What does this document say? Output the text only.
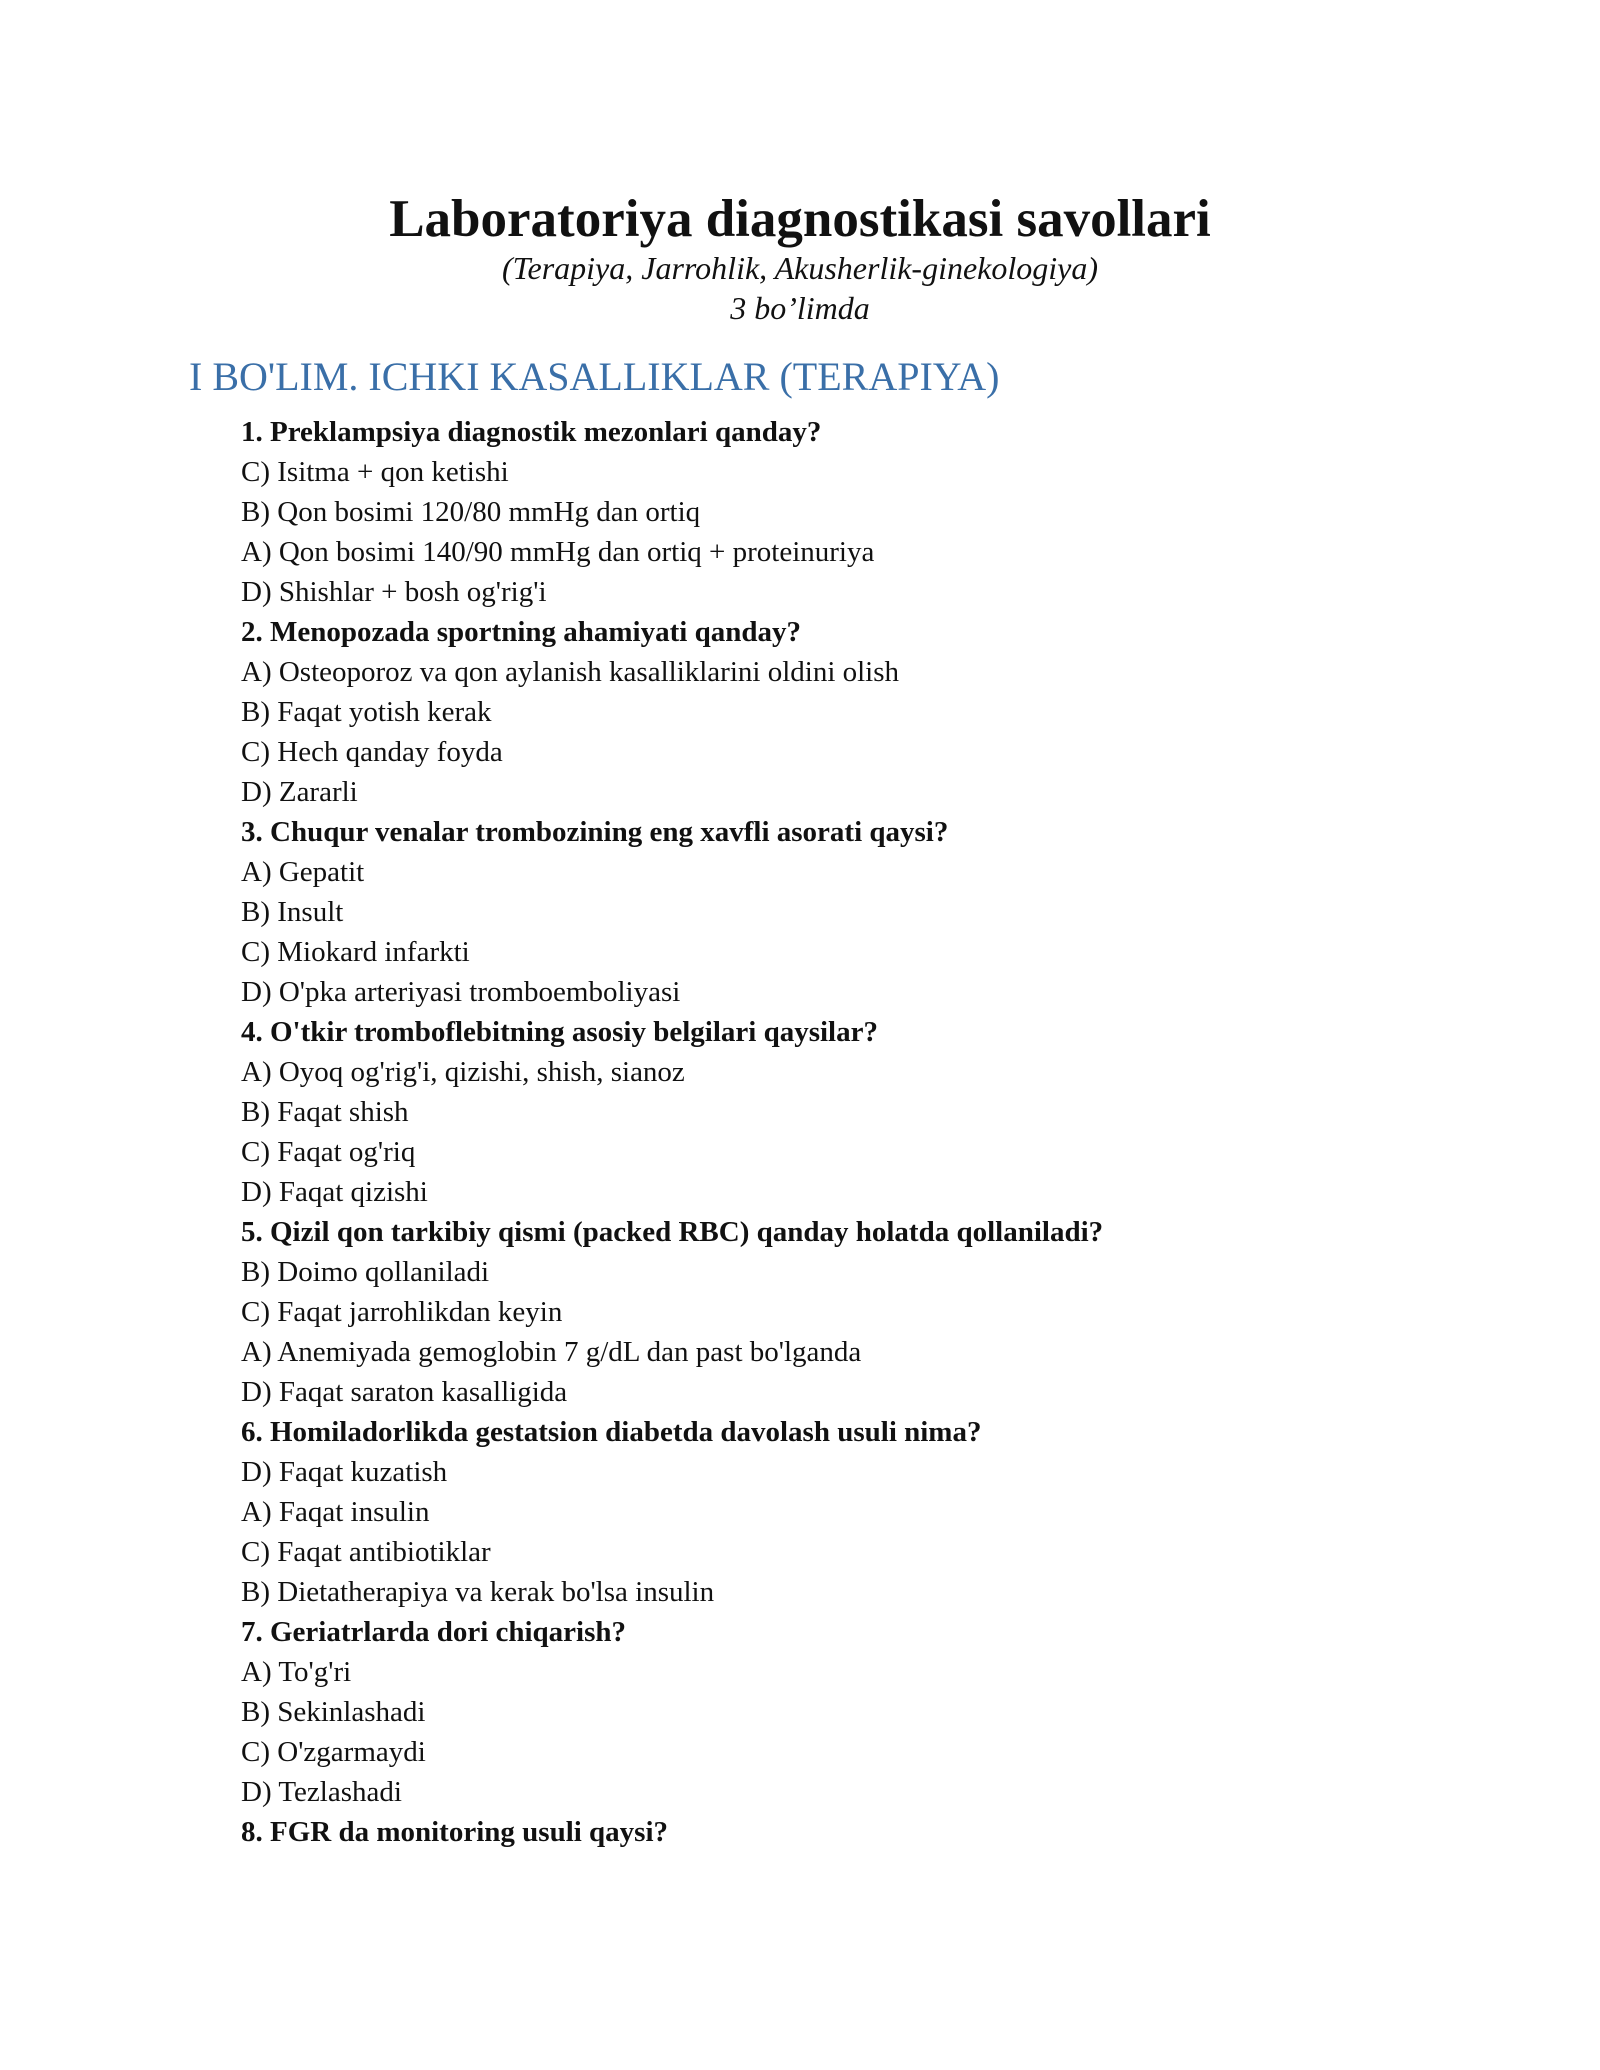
Laboratoriya diagnostikasi savollari
(Terapiya, Jarrohlik, Akusherlik-ginekologiya)
3 bo’limda
I BO'LIM. ICHKI KASALLIKLAR (TERAPIYA)
1. Preklampsiya diagnostik mezonlari qanday?
C) Isitma + qon ketishi
B) Qon bosimi 120/80 mmHg dan ortiq
A) Qon bosimi 140/90 mmHg dan ortiq + proteinuriya
D) Shishlar + bosh og'rig'i
2. Menopozada sportning ahamiyati qanday?
A) Osteoporoz va qon aylanish kasalliklarini oldini olish
B) Faqat yotish kerak
C) Hech qanday foyda
D) Zararli
3. Chuqur venalar trombozining eng xavfli asorati qaysi?
A) Gepatit
B) Insult
C) Miokard infarkti
D) O'pka arteriyasi tromboemboliyasi
4. O'tkir tromboflebitning asosiy belgilari qaysilar?
A) Oyoq og'rig'i, qizishi, shish, sianoz
B) Faqat shish
C) Faqat og'riq
D) Faqat qizishi
5. Qizil qon tarkibiy qismi (packed RBC) qanday holatda qollaniladi?
B) Doimo qollaniladi
C) Faqat jarrohlikdan keyin
A) Anemiyada gemoglobin 7 g/dL dan past bo'lganda
D) Faqat saraton kasalligida
6. Homiladorlikda gestatsion diabetda davolash usuli nima?
D) Faqat kuzatish
A) Faqat insulin
C) Faqat antibiotiklar
B) Dietatherapiya va kerak bo'lsa insulin
7. Geriatrlarda dori chiqarish?
A) To'g'ri
B) Sekinlashadi
C) O'zgarmaydi
D) Tezlashadi
8. FGR da monitoring usuli qaysi?
